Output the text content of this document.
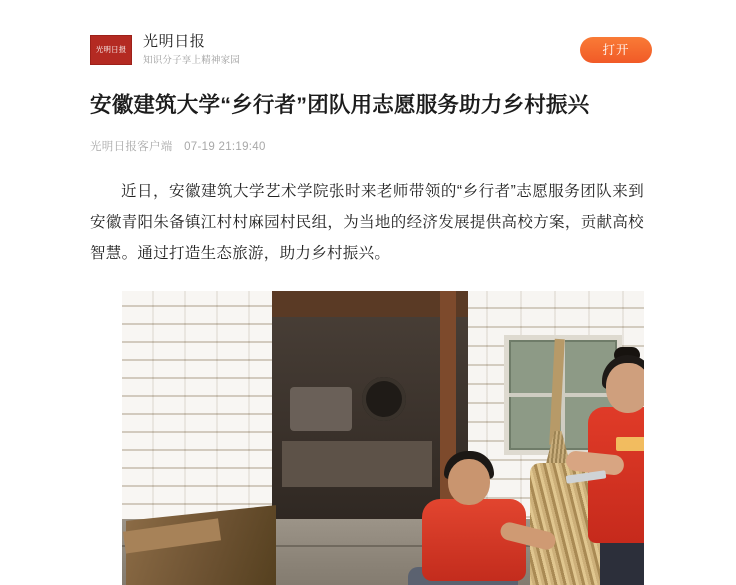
光明日报 光明日报
知识分子享上精神家园
打开
安徽建筑大学“乡行者”团队用志愿服务助力乡村振兴
光明日报客户端 07-19 21:19:40

近日，安徽建筑大学艺术学院张时来老师带领的“乡行者”志愿服务团队来到安徽青阳朱备镇江村村麻园村民组，为当地的经济发展提供高校方案，贡献高校智慧。通过打造生态旅游，助力乡村振兴。
